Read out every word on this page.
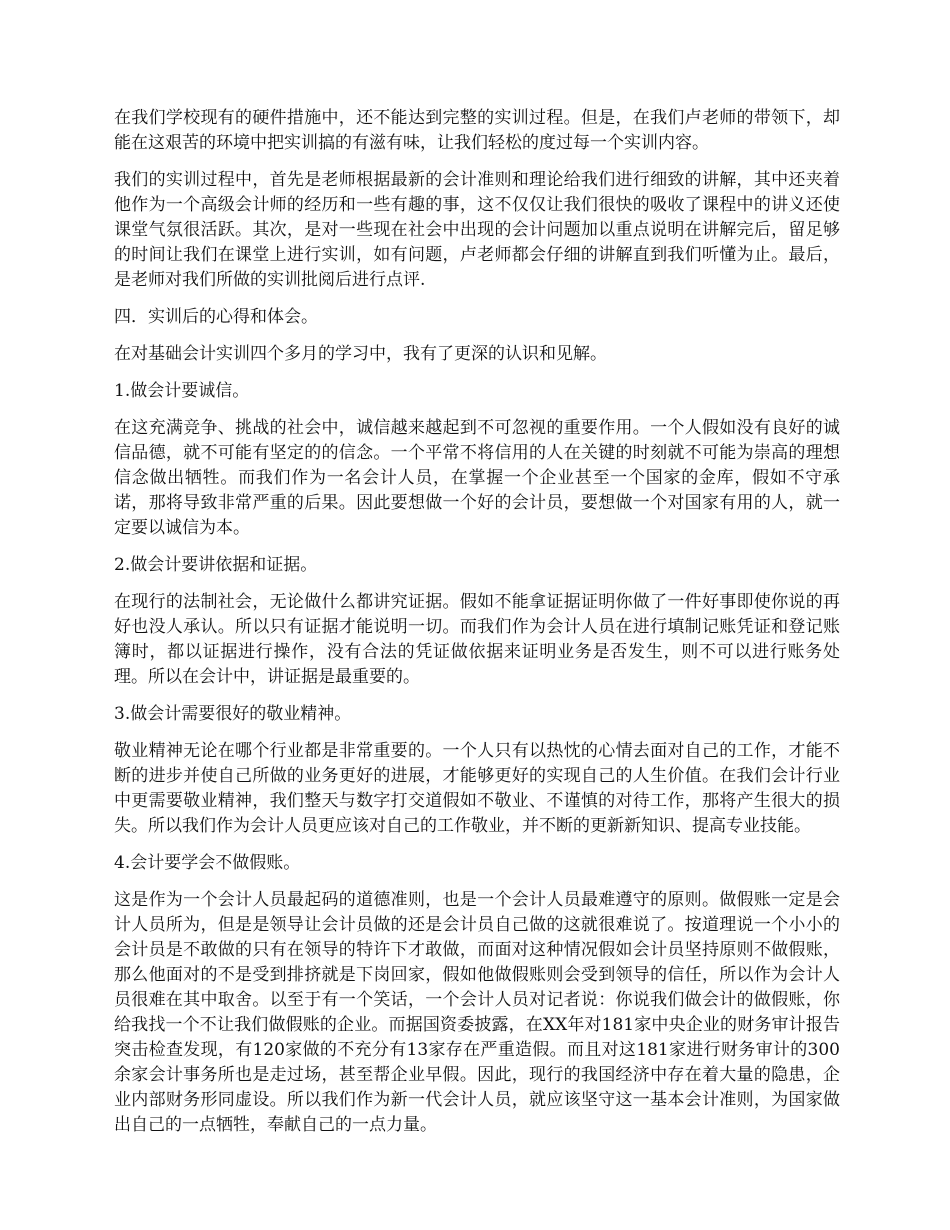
在我们学校现有的硬件措施中，还不能达到完整的实训过程。但是，在我们卢老师的带领下，却能在这艰苦的环境中把实训搞的有滋有味，让我们轻松的度过每一个实训内容。

我们的实训过程中，首先是老师根据最新的会计准则和理论给我们进行细致的讲解，其中还夹着他作为一个高级会计师的经历和一些有趣的事，这不仅仅让我们很快的吸收了课程中的讲义还使课堂气氛很活跃。其次，是对一些现在社会中出现的会计问题加以重点说明在讲解完后，留足够的时间让我们在课堂上进行实训，如有问题，卢老师都会仔细的讲解直到我们听懂为止。最后，是老师对我们所做的实训批阅后进行点评.

四．实训后的心得和体会。

在对基础会计实训四个多月的学习中，我有了更深的认识和见解。

1.做会计要诚信。

在这充满竞争、挑战的社会中，诚信越来越起到不可忽视的重要作用。一个人假如没有良好的诚信品德，就不可能有坚定的的信念。一个平常不将信用的人在关键的时刻就不可能为崇高的理想信念做出牺牲。而我们作为一名会计人员，在掌握一个企业甚至一个国家的金库，假如不守承诺，那将导致非常严重的后果。因此要想做一个好的会计员，要想做一个对国家有用的人，就一定要以诚信为本。

2.做会计要讲依据和证据。

在现行的法制社会，无论做什么都讲究证据。假如不能拿证据证明你做了一件好事即使你说的再好也没人承认。所以只有证据才能说明一切。而我们作为会计人员在进行填制记账凭证和登记账簿时，都以证据进行操作，没有合法的凭证做依据来证明业务是否发生，则不可以进行账务处理。所以在会计中，讲证据是最重要的。

3.做会计需要很好的敬业精神。

敬业精神无论在哪个行业都是非常重要的。一个人只有以热忱的心情去面对自己的工作，才能不断的进步并使自己所做的业务更好的进展，才能够更好的实现自己的人生价值。在我们会计行业中更需要敬业精神，我们整天与数字打交道假如不敬业、不谨慎的对待工作，那将产生很大的损失。所以我们作为会计人员更应该对自己的工作敬业，并不断的更新新知识、提高专业技能。

4.会计要学会不做假账。

这是作为一个会计人员最起码的道德准则，也是一个会计人员最难遵守的原则。做假账一定是会计人员所为，但是是领导让会计员做的还是会计员自己做的这就很难说了。按道理说一个小小的会计员是不敢做的只有在领导的特许下才敢做，而面对这种情况假如会计员坚持原则不做假账，那么他面对的不是受到排挤就是下岗回家，假如他做假账则会受到领导的信任，所以作为会计人员很难在其中取舍。以至于有一个笑话，一个会计人员对记者说：你说我们做会计的做假账，你给我找一个不让我们做假账的企业。而据国资委披露，在XX年对181家中央企业的财务审计报告突击检查发现，有120家做的不充分有13家存在严重造假。而且对这181家进行财务审计的300余家会计事务所也是走过场，甚至帮企业早假。因此，现行的我国经济中存在着大量的隐患，企业内部财务形同虚设。所以我们作为新一代会计人员，就应该坚守这一基本会计准则，为国家做出自己的一点牺牲，奉献自己的一点力量。
